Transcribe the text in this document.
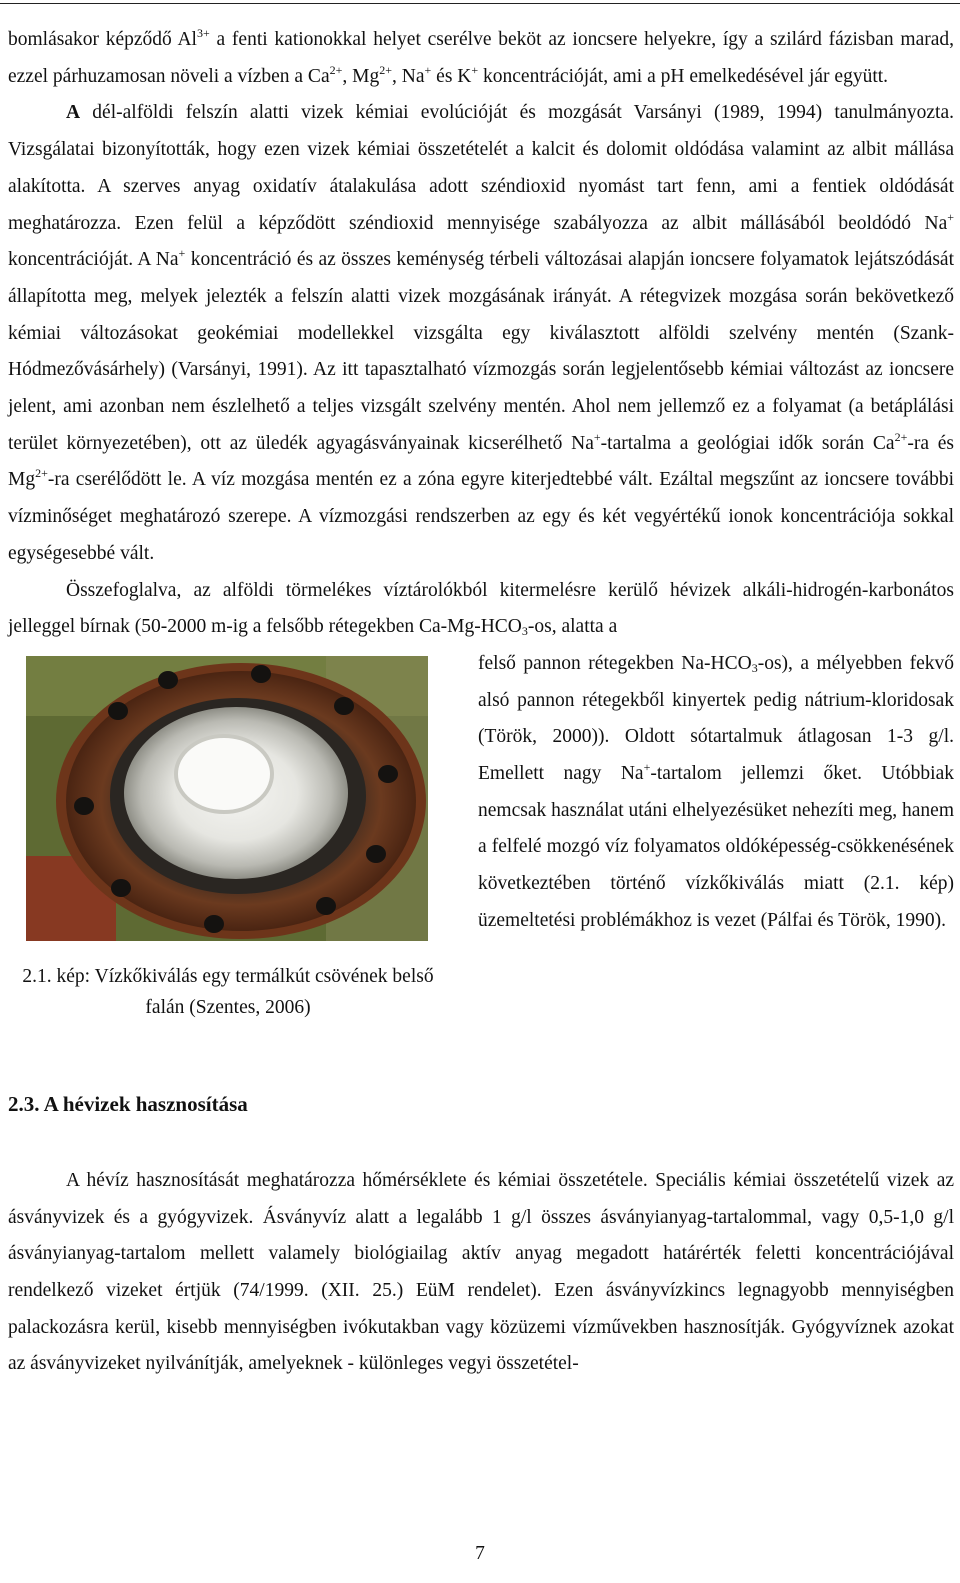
bomlásakor képződő $Al^{3+}$ a fenti kationokkal helyet cserélve beköt az ioncsere helyekre, így a szilárd fázisban marad, ezzel párhuzamosan növeli a vízben a $Ca^{2+}$, $Mg^{2+}$, Na+ és K+ koncentrációját, ami a pH emelkedésével jár együtt.

A dél-alföldi felszín alatti vizek kémiai evolúcióját és mozgását Varsányi (1989, 1994) tanulmányozta. Vizsgálatai bizonyították, hogy ezen vizek kémiai összetételét a kalcit és dolomit oldódása valamint az albit mállása alakította. A szerves anyag oxidatív átalakulása adott széndioxid nyomást tart fenn, ami a fentiek oldódását meghatározza. Ezen felül a képződött széndioxid mennyisége szabályozza az albit mállásából beoldódó Na+ koncentrációját. A Na+ koncentráció és az összes keménység térbeli változásai alapján ioncsere folyamatok lejátszódását állapította meg, melyek jelezték a felszín alatti vizek mozgásának irányát. A rétegvizek mozgása során bekövetkező kémiai változásokat geokémiai modellekkel vizsgálta egy kiválasztott alföldi szelvény mentén (Szank-Hódmezővásárhely) (Varsányi, 1991). Az itt tapasztalható vízmozgás során legjelentősebb kémiai változást az ioncsere jelent, ami azonban nem észlelhető a teljes vizsgált szelvény mentén. Ahol nem jellemző ez a folyamat (a betáplálási terület környezetében), ott az üledék agyagásványainak kicserélhető Na+-tartalma a geológiai idők során $Ca^{2+}-ra$ és $Mg^{2+}-ra$ cserélődött le. A víz mozgása mentén ez a zóna egyre kiterjedtebbé vált. Ezáltal megszűnt az ioncsere további vízminőséget meghatározó szerepe. A vízmozgási rendszerben az egy és két vegyértékű ionok koncentrációja sokkal egységesebbé vált.

Összefoglalva, az alföldi törmelékes víztárolókból kitermelésre kerülő hévizek alkáli-hidrogén-karbonátos jelleggel bírnak (50-2000 m-ig a felsőbb rétegekben $Ca-Mg-HCO_3-os$, alatta a

2.1. kép: Vízkőkiválás egy termálkút csövének belső falán (Szentes, 2006)

felső pannon rétegekben $Na-HCO_3-os$), a mélyebben fekvő alsó pannon rétegekből kinyertek pedig nátrium-kloridosak (Török, 2000)). Oldott sótartalmuk átlagosan 1-3 g/l. Emellett nagy Na+-tartalom jellemzi őket. Utóbbiak nemcsak használat utáni elhelyezésüket nehezíti meg, hanem a felfelé mozgó víz folyamatos oldóképesség-csökkenésének következtében történő vízkőkiválás miatt (2.1. kép) üzemeltetési problémákhoz is vezet (Pálfai és Török, 1990).

2.3. A hévizek hasznosítása

A hévíz hasznosítását meghatározza hőmérséklete és kémiai összetétele. Speciális kémiai összetételű vizek az ásványvizek és a gyógyvizek. Ásványvíz alatt a legalább 1 g/l összes ásványianyag-tartalommal, vagy 0,5-1,0 g/l ásványianyag-tartalom mellett valamely biológiailag aktív anyag megadott határérték feletti koncentrációjával rendelkező vizeket értjük (74/1999. (XII. 25.) EüM rendelet). Ezen ásványvízkincs legnagyobb mennyiségben palackozásra kerül, kisebb mennyiségben ivókutakban vagy közüzemi vízművekben hasznosítják. Gyógyvíznek azokat az ásványvizeket nyilvánítják, amelyeknek - különleges vegyi összetétel-

7
